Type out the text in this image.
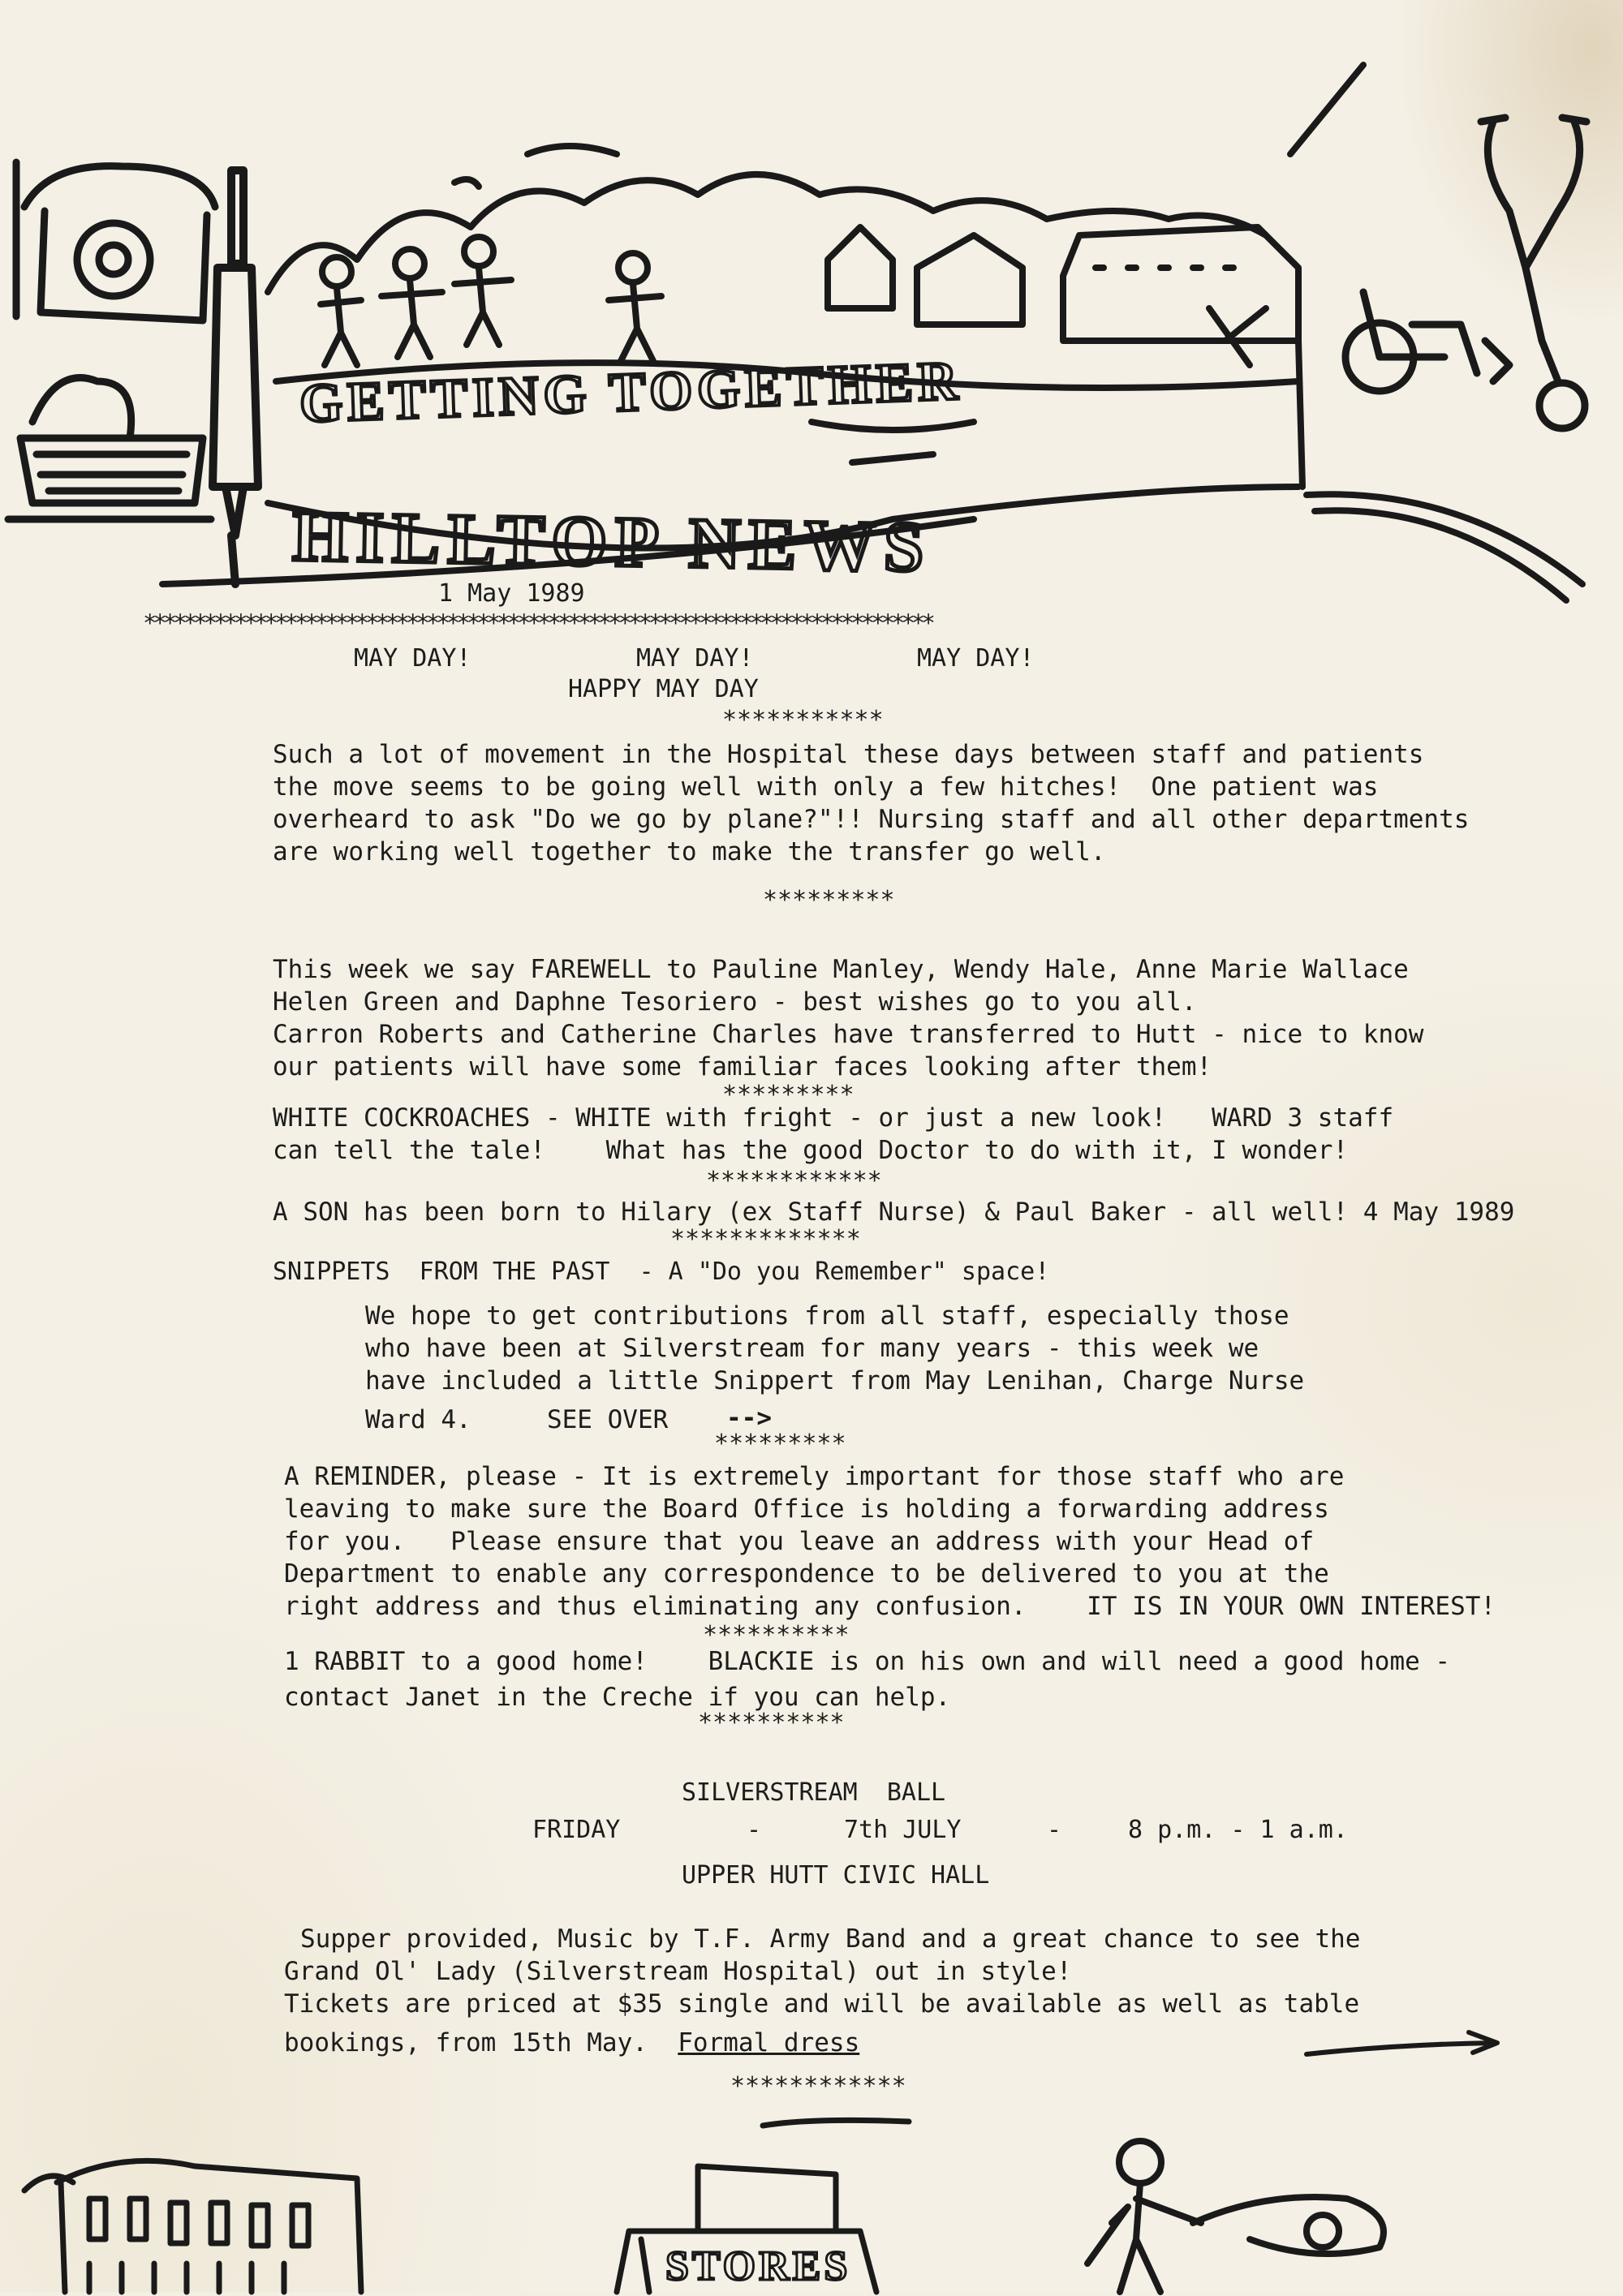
GETTING TOGETHER
HILLTOP NEWS
1 May 1989
******************************************************************************
MAY DAY!	MAY DAY!	MAY DAY!
HAPPY MAY DAY
***********
Such a lot of movement in the Hospital these days between staff and patients
the move seems to be going well with only a few hitches!  One patient was
overheard to ask "Do we go by plane?"!! Nursing staff and all other departments
are working well together to make the transfer go well.
*********
This week we say FAREWELL to Pauline Manley, Wendy Hale, Anne Marie Wallace
Helen Green and Daphne Tesoriero - best wishes go to you all.
Carron Roberts and Catherine Charles have transferred to Hutt - nice to know
our patients will have some familiar faces looking after them!
*********
WHITE COCKROACHES - WHITE with fright - or just a new look!   WARD 3 staff
can tell the tale!    What has the good Doctor to do with it, I wonder!
************
A SON has been born to Hilary (ex Staff Nurse) & Paul Baker - all well! 4 May 1989
*************
SNIPPETS  FROM THE PAST  - A "Do you Remember" space!
We hope to get contributions from all staff, especially those
who have been at Silverstream for many years - this week we
have included a little Snippert from May Lenihan, Charge Nurse
Ward 4.     SEE OVER -->
*********
A REMINDER, please - It is extremely important for those staff who are
leaving to make sure the Board Office is holding a forwarding address
for you.   Please ensure that you leave an address with your Head of
Department to enable any correspondence to be delivered to you at the
right address and thus eliminating any confusion.    IT IS IN YOUR OWN INTEREST!
**********
1 RABBIT to a good home!    BLACKIE is on his own and will need a good home -
contact Janet in the Creche if you can help.
**********
SILVERSTREAM  BALL
FRIDAY	-	7th JULY	-	8 p.m. - 1 a.m.
UPPER HUTT CIVIC HALL
Supper provided, Music by T.F. Army Band and a great chance to see the
Grand Ol' Lady (Silverstream Hospital) out in style!
Tickets are priced at $35 single and will be available as well as table
bookings, from 15th May.  Formal dress
************
STORES
